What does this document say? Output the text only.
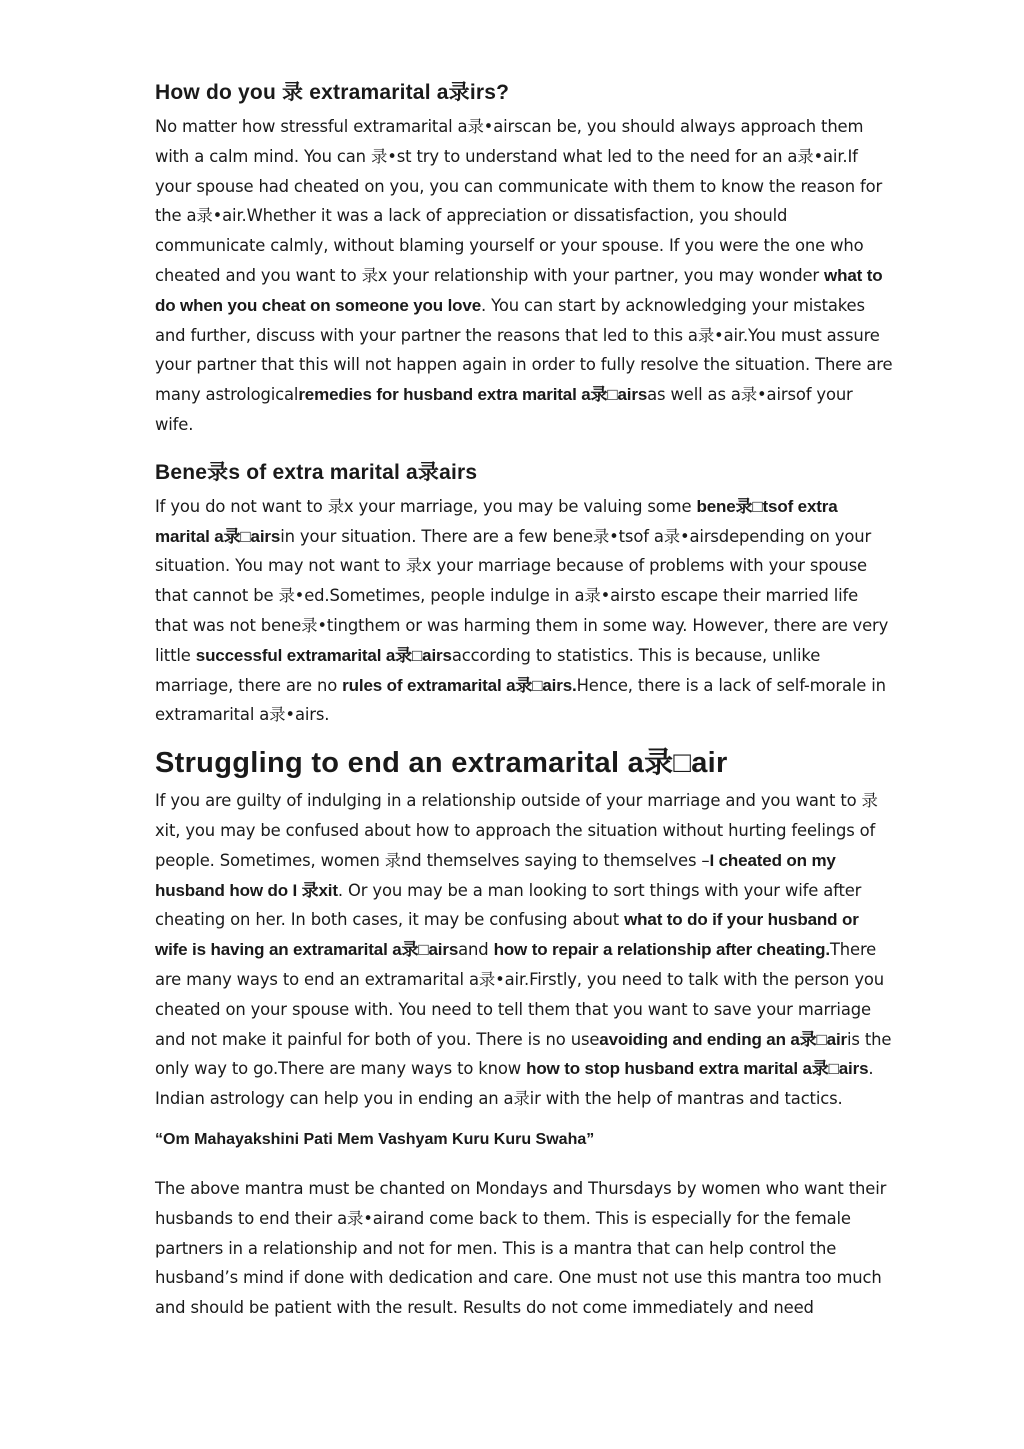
How do you 录 extramarital a录irs?

No matter how stressful extramarital a录•airscan be, you should always approach them with a calm mind. You can 录•st try to understand what led to the need for an a录•air.If your spouse had cheated on you, you can communicate with them to know the reason for the a录•air.Whether it was a lack of appreciation or dissatisfaction, you should communicate calmly, without blaming yourself or your spouse. If you were the one who cheated and you want to 录x your relationship with your partner, you may wonder what to do when you cheat on someone you love. You can start by acknowledging your mistakes and further, discuss with your partner the reasons that led to this a录•air.You must assure your partner that this will not happen again in order to fully resolve the situation. There are many astrologicalremedies for husband extra marital a录□airsas well as a录•airsof your wife.

Bene录s of extra marital a录airs

If you do not want to 录x your marriage, you may be valuing some bene录□tsof extra marital a录□airsin your situation. There are a few bene录•tsof a录•airsdepending on your situation. You may not want to 录x your marriage because of problems with your spouse that cannot be 录•ed.Sometimes, people indulge in a录•airsto escape their married life that was not bene录•tingthem or was harming them in some way. However, there are very little successful extramarital a录□airsaccording to statistics. This is because, unlike marriage, there are no rules of extramarital a录□airs.Hence, there is a lack of self-morale in extramarital a录•airs.

Struggling to end an extramarital a录□air

If you are guilty of indulging in a relationship outside of your marriage and you want to 录xit, you may be confused about how to approach the situation without hurting feelings of people. Sometimes, women 录nd themselves saying to themselves –I cheated on my husband how do I 录xit. Or you may be a man looking to sort things with your wife after cheating on her. In both cases, it may be confusing about what to do if your husband or wife is having an extramarital a录□airsand how to repair a relationship after cheating.There are many ways to end an extramarital a录•air.Firstly, you need to talk with the person you cheated on your spouse with. You need to tell them that you want to save your marriage and not make it painful for both of you. There is no useavoiding and ending an a录□airis the only way to go.There are many ways to know how to stop husband extra marital a录□airs. Indian astrology can help you in ending an a录ir with the help of mantras and tactics.

“Om Mahayakshini Pati Mem Vashyam Kuru Kuru Swaha”

The above mantra must be chanted on Mondays and Thursdays by women who want their husbands to end their a录•airand come back to them. This is especially for the female partners in a relationship and not for men. This is a mantra that can help control the husband’s mind if done with dedication and care. One must not use this mantra too much and should be patient with the result. Results do not come immediately and need
